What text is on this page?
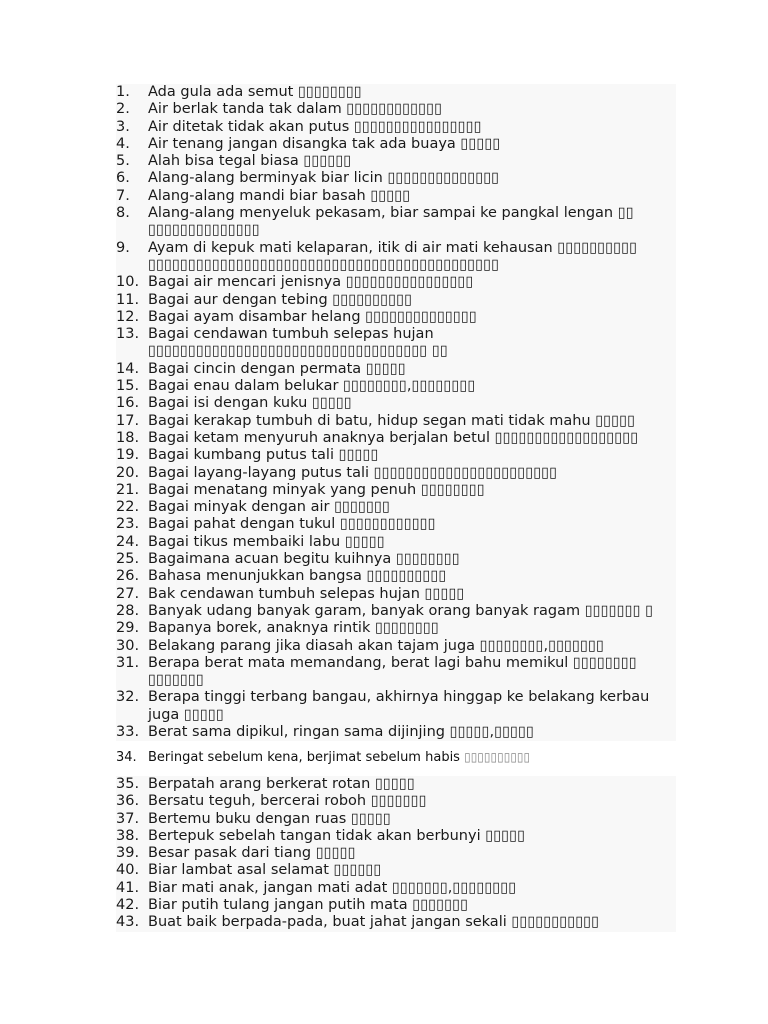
1. Ada gula ada semut ▯▯▯▯▯▯▯▯
2. Air berlak tanda tak dalam ▯▯▯▯▯▯▯▯▯▯▯▯
3. Air ditetak tidak akan putus ▯▯▯▯▯▯▯▯▯▯▯▯▯▯▯▯
4. Air tenang jangan disangka tak ada buaya ▯▯▯▯▯
5. Alah bisa tegal biasa ▯▯▯▯▯▯
6. Alang-alang berminyak biar licin ▯▯▯▯▯▯▯▯▯▯▯▯▯▯
7. Alang-alang mandi biar basah ▯▯▯▯▯
8. Alang-alang menyeluk pekasam, biar sampai ke pangkal lengan ▯▯ ▯▯▯▯▯▯▯▯▯▯▯▯▯▯
9. Ayam di kepuk mati kelaparan, itik di air mati kehausan ▯▯▯▯▯▯▯▯▯▯ ▯▯▯▯▯▯▯▯▯▯▯▯▯▯▯▯▯▯▯▯▯▯▯▯▯▯▯▯▯▯▯▯▯▯▯▯▯▯▯▯▯▯▯▯
10. Bagai air mencari jenisnya ▯▯▯▯▯▯▯▯▯▯▯▯▯▯▯▯
11. Bagai aur dengan tebing ▯▯▯▯▯▯▯▯▯▯
12. Bagai ayam disambar helang ▯▯▯▯▯▯▯▯▯▯▯▯▯▯
13. Bagai cendawan tumbuh selepas hujan ▯▯▯▯▯▯▯▯▯▯▯▯▯▯▯▯▯▯▯▯▯▯▯▯▯▯▯▯▯▯▯▯▯▯▯ ▯▯
14. Bagai cincin dengan permata ▯▯▯▯▯
15. Bagai enau dalam belukar ▯▯▯▯▯▯▯▯,▯▯▯▯▯▯▯▯
16. Bagai isi dengan kuku ▯▯▯▯▯
17. Bagai kerakap tumbuh di batu, hidup segan mati tidak mahu ▯▯▯▯▯
18. Bagai ketam menyuruh anaknya berjalan betul ▯▯▯▯▯▯▯▯▯▯▯▯▯▯▯▯▯▯
19. Bagai kumbang putus tali ▯▯▯▯▯
20. Bagai layang-layang putus tali ▯▯▯▯▯▯▯▯▯▯▯▯▯▯▯▯▯▯▯▯▯▯▯
21. Bagai menatang minyak yang penuh ▯▯▯▯▯▯▯▯
22. Bagai minyak dengan air ▯▯▯▯▯▯▯
23. Bagai pahat dengan tukul ▯▯▯▯▯▯▯▯▯▯▯▯
24. Bagai tikus membaiki labu ▯▯▯▯▯
25. Bagaimana acuan begitu kuihnya ▯▯▯▯▯▯▯▯
26. Bahasa menunjukkan bangsa ▯▯▯▯▯▯▯▯▯▯
27. Bak cendawan tumbuh selepas hujan ▯▯▯▯▯
28. Banyak udang banyak garam, banyak orang banyak ragam ▯▯▯▯▯▯▯ ▯
29. Bapanya borek, anaknya rintik ▯▯▯▯▯▯▯▯
30. Belakang parang jika diasah akan tajam juga ▯▯▯▯▯▯▯▯,▯▯▯▯▯▯▯
31. Berapa berat mata memandang, berat lagi bahu memikul ▯▯▯▯▯▯▯▯ ▯▯▯▯▯▯▯
32. Berapa tinggi terbang bangau, akhirnya hinggap ke belakang kerbau juga ▯▯▯▯▯
33. Berat sama dipikul, ringan sama dijinjing ▯▯▯▯▯,▯▯▯▯▯
34. Beringat sebelum kena, berjimat sebelum habis ▯▯▯▯▯▯▯▯▯▯
35. Berpatah arang berkerat rotan ▯▯▯▯▯
36. Bersatu teguh, bercerai roboh ▯▯▯▯▯▯▯
37. Bertemu buku dengan ruas ▯▯▯▯▯
38. Bertepuk sebelah tangan tidak akan berbunyi ▯▯▯▯▯
39. Besar pasak dari tiang ▯▯▯▯▯
40. Biar lambat asal selamat ▯▯▯▯▯▯
41. Biar mati anak, jangan mati adat ▯▯▯▯▯▯▯,▯▯▯▯▯▯▯▯
42. Biar putih tulang jangan putih mata ▯▯▯▯▯▯▯
43. Buat baik berpada-pada, buat jahat jangan sekali ▯▯▯▯▯▯▯▯▯▯▯
